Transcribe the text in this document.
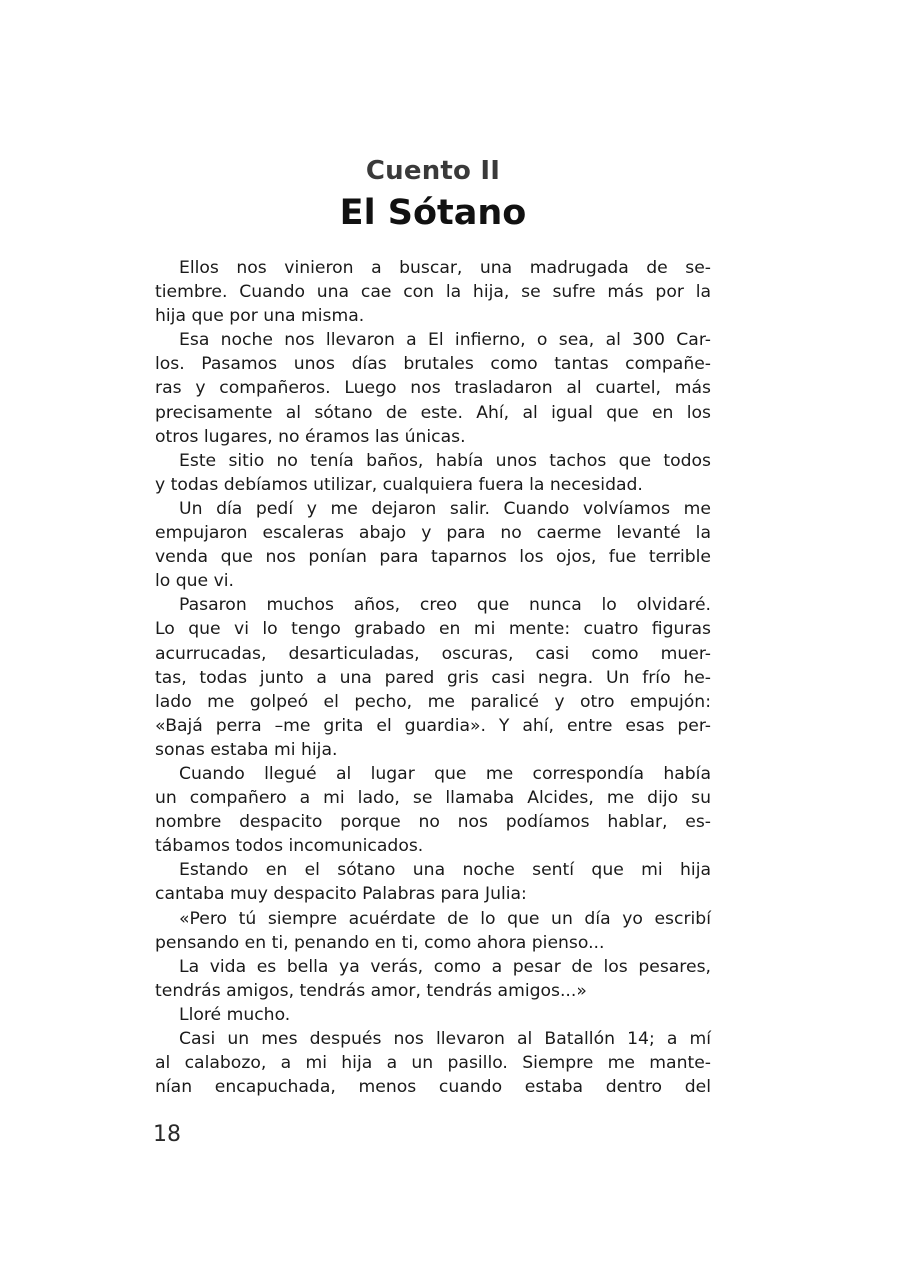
Cuento II
El Sótano
Ellos nos vinieron a buscar, una madrugada de se-
tiembre. Cuando una cae con la hija, se sufre más por la
hija que por una misma.
Esa noche nos llevaron a El infierno, o sea, al 300 Car-
los. Pasamos unos días brutales como tantas compañe-
ras y compañeros. Luego nos trasladaron al cuartel, más
precisamente al sótano de este. Ahí, al igual que en los
otros lugares, no éramos las únicas.
Este sitio no tenía baños, había unos tachos que todos
y todas debíamos utilizar, cualquiera fuera la necesidad.
Un día pedí y me dejaron salir. Cuando volvíamos me
empujaron escaleras abajo y para no caerme levanté la
venda que nos ponían para taparnos los ojos, fue terrible
lo que vi.
Pasaron muchos años, creo que nunca lo olvidaré.
Lo que vi lo tengo grabado en mi mente: cuatro figuras
acurrucadas, desarticuladas, oscuras, casi como muer-
tas, todas junto a una pared gris casi negra. Un frío he-
lado me golpeó el pecho, me paralicé y otro empujón:
«Bajá perra –me grita el guardia». Y ahí, entre esas per-
sonas estaba mi hija.
Cuando llegué al lugar que me correspondía había
un compañero a mi lado, se llamaba Alcides, me dijo su
nombre despacito porque no nos podíamos hablar, es-
tábamos todos incomunicados.
Estando en el sótano una noche sentí que mi hija
cantaba muy despacito Palabras para Julia:
«Pero tú siempre acuérdate de lo que un día yo escribí
pensando en ti, penando en ti, como ahora pienso...
La vida es bella ya verás, como a pesar de los pesares,
tendrás amigos, tendrás amor, tendrás amigos...»
Lloré mucho.
Casi un mes después nos llevaron al Batallón 14; a mí
al calabozo, a mi hija a un pasillo. Siempre me mante-
nían encapuchada, menos cuando estaba dentro del
18
